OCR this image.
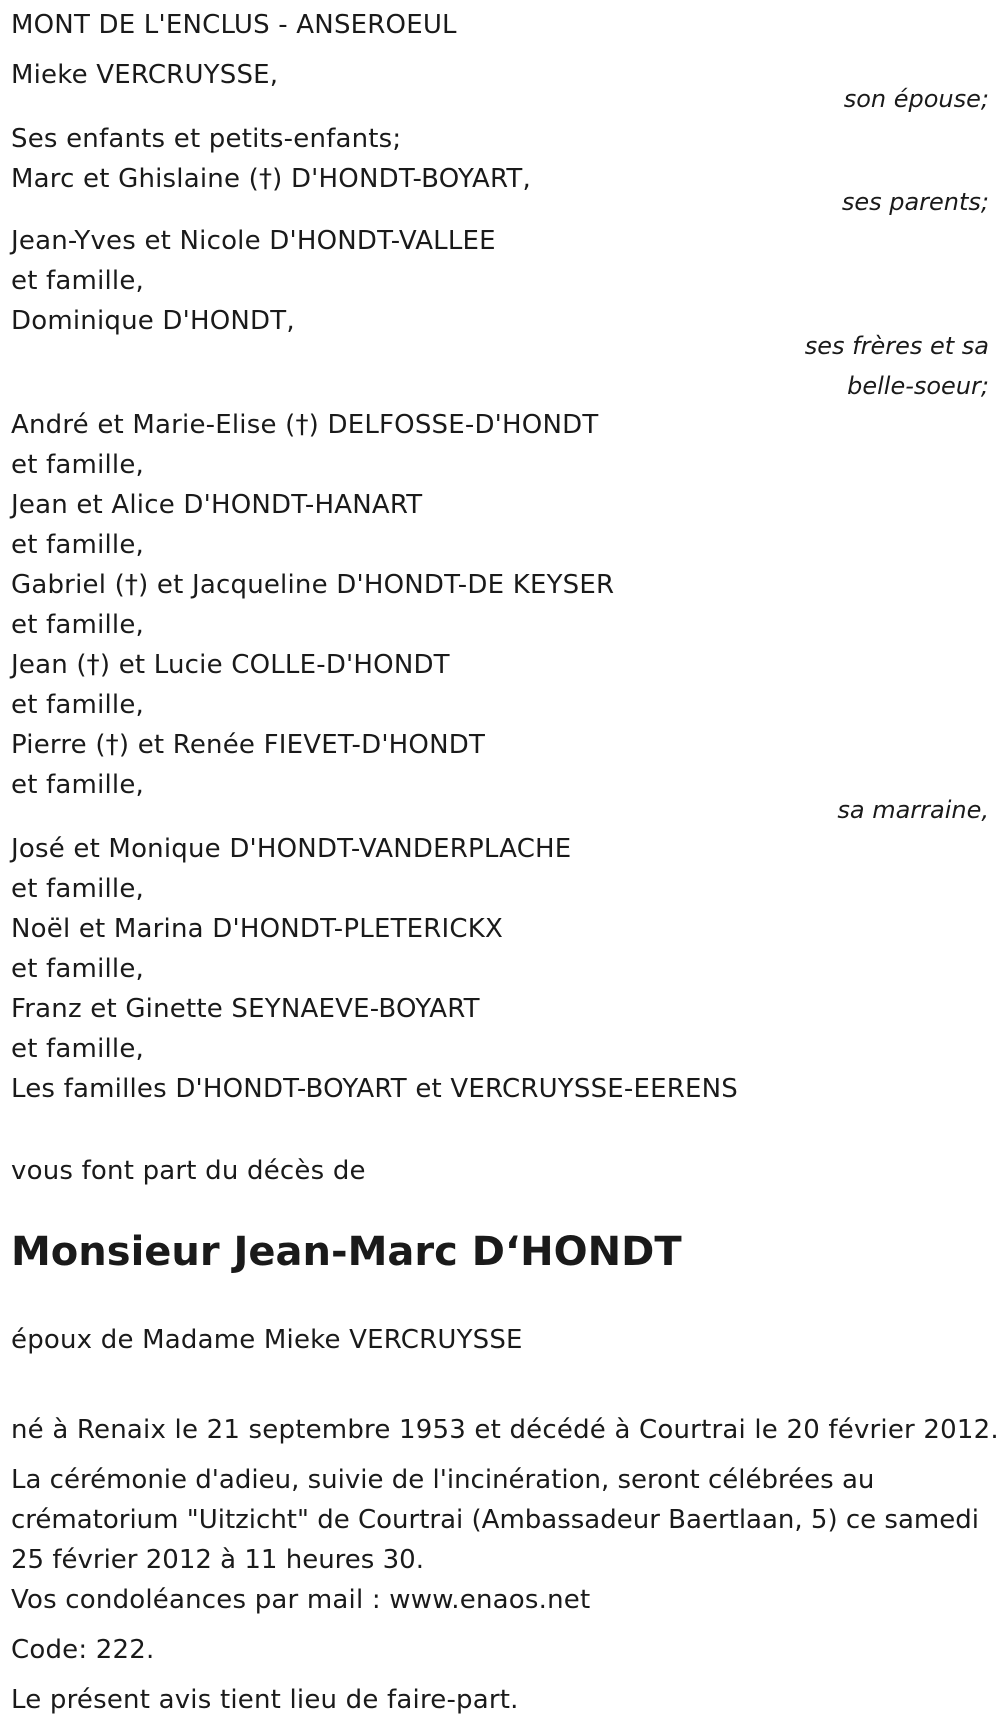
MONT DE L'ENCLUS - ANSEROEUL
Mieke VERCRUYSSE,
son épouse;
Ses enfants et petits-enfants;
Marc et Ghislaine (†) D'HONDT-BOYART,
ses parents;
Jean-Yves et Nicole D'HONDT-VALLEE
et famille,
Dominique D'HONDT,
ses frères et sa
belle-soeur;
André et Marie-Elise (†) DELFOSSE-D'HONDT
et famille,
Jean et Alice D'HONDT-HANART
et famille,
Gabriel (†) et Jacqueline D'HONDT-DE KEYSER
et famille,
Jean (†) et Lucie COLLE-D'HONDT
et famille,
Pierre (†) et Renée FIEVET-D'HONDT
et famille,
sa marraine,
José et Monique D'HONDT-VANDERPLACHE
et famille,
Noël et Marina D'HONDT-PLETERICKX
et famille,
Franz et Ginette SEYNAEVE-BOYART
et famille,
Les familles D'HONDT-BOYART et VERCRUYSSE-EERENS
vous font part du décès de
Monsieur Jean-Marc D‘HONDT
époux de Madame Mieke VERCRUYSSE
né à Renaix le 21 septembre 1953 et décédé à Courtrai le 20 février 2012.
La cérémonie d'adieu, suivie de l'incinération, seront célébrées au crématorium "Uitzicht" de Courtrai (Ambassadeur Baertlaan, 5) ce samedi 25 février 2012 à 11 heures 30.
Vos condoléances par mail : www.enaos.net
Code: 222.
Le présent avis tient lieu de faire-part.
